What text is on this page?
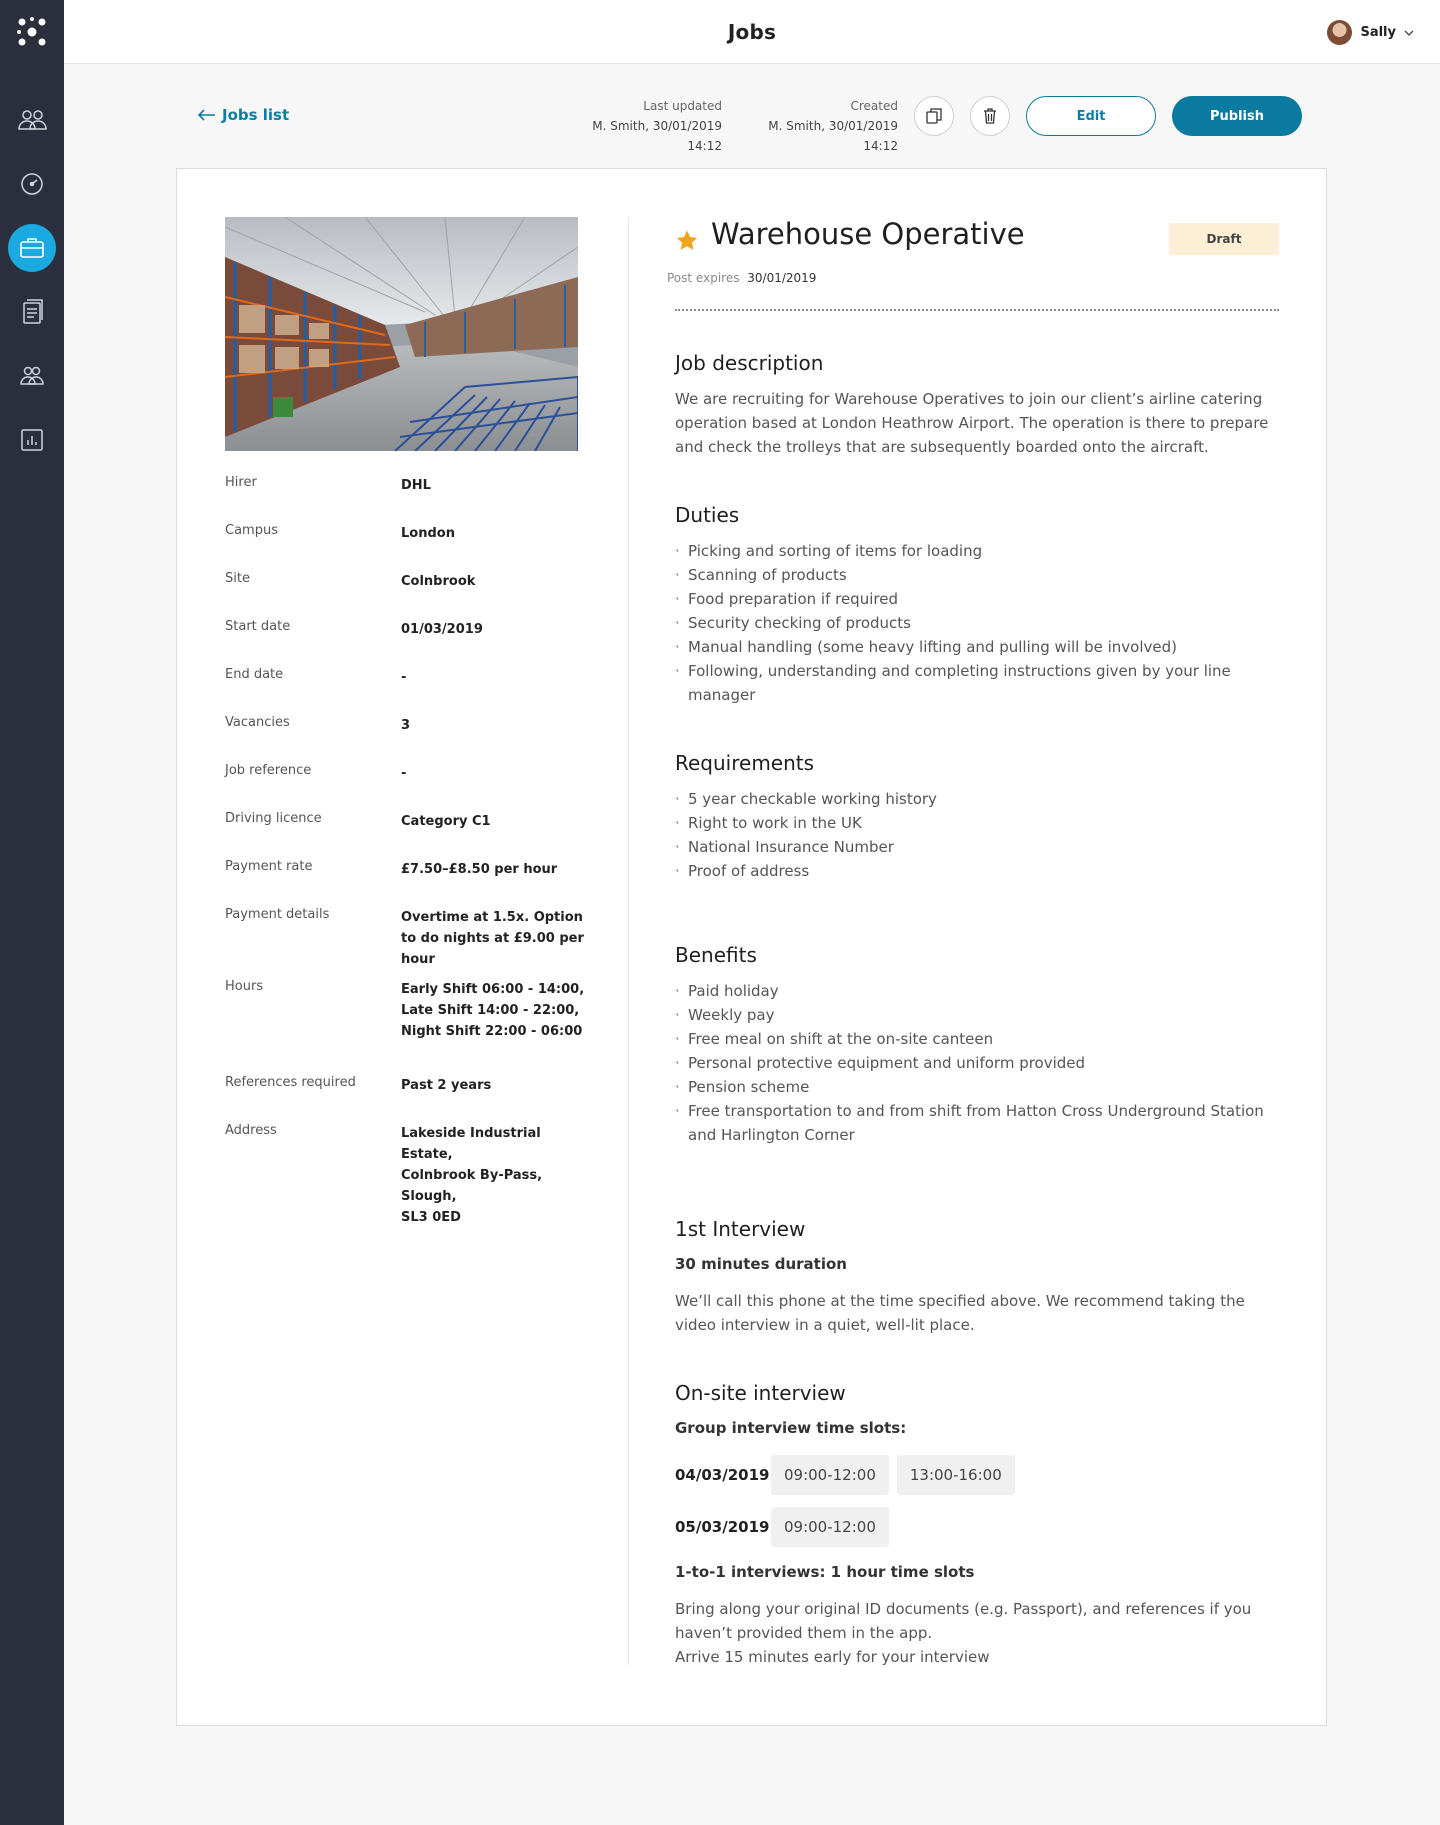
Jobs	Sally
Jobs list	Last updated
M. Smith, 30/01/2019 14:12
Created
M. Smith, 30/01/2019 14:12
Edit	Publish
Hirer	DHL
Campus	London
Site	Colnbrook
Start date	01/03/2019
End date	-
Vacancies	3
Job reference	-
Driving licence	Category C1
Payment rate	£7.50–£8.50 per hour
Payment details	Overtime at 1.5x. Option to do nights at £9.00 per hour
Hours	Early Shift 06:00 - 14:00,
Late Shift 14:00 - 22:00,
Night Shift 22:00 - 06:00
References required	Past 2 years
Address	Lakeside Industrial Estate,
Colnbrook By-Pass,
Slough,
SL3 0ED
Warehouse Operative	Draft
Post expires 30/01/2019
Job description
We are recruiting for Warehouse Operatives to join our client’s airline catering operation based at London Heathrow Airport. The operation is there to prepare and check the trolleys that are subsequently boarded onto the aircraft.
Duties
· Picking and sorting of items for loading
· Scanning of products
· Food preparation if required
· Security checking of products
· Manual handling (some heavy lifting and pulling will be involved)
· Following, understanding and completing instructions given by your line manager
Requirements
· 5 year checkable working history
· Right to work in the UK
· National Insurance Number
· Proof of address
Benefits
· Paid holiday
· Weekly pay
· Free meal on shift at the on-site canteen
· Personal protective equipment and uniform provided
· Pension scheme
· Free transportation to and from shift from Hatton Cross Underground Station and Harlington Corner
1st Interview
30 minutes duration
We’ll call this phone at the time specified above. We recommend taking the video interview in a quiet, well-lit place.
On-site interview
Group interview time slots:
04/03/2019 09:00-12:00	13:00-16:00
05/03/2019 09:00-12:00
1-to-1 interviews: 1 hour time slots
Bring along your original ID documents (e.g. Passport), and references if you haven’t provided them in the app.
Arrive 15 minutes early for your interview
